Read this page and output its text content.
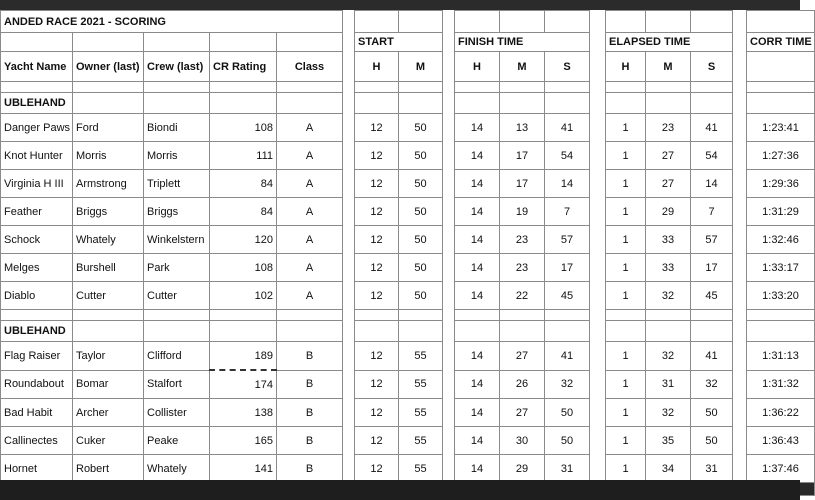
ANDED RACE 2021 - SCORING																	
						START			FINISH TIME				ELAPSED TIME				CORR TIME
Yacht Name	Owner (last)	Crew (last)	CR Rating	Class		H	M		H	M	S		H	M	S		

UBLEHAND																	
Danger Paws	Ford	Biondi	108	A		12	50		14	13	41		1	23	41		1:23:41
Knot Hunter	Morris	Morris	111	A		12	50		14	17	54		1	27	54		1:27:36
Virginia H III	Armstrong	Triplett	84	A		12	50		14	17	14		1	27	14		1:29:36
Feather	Briggs	Briggs	84	A		12	50		14	19	7		1	29	7		1:31:29
Schock	Whately	Winkelstern	120	A		12	50		14	23	57		1	33	57		1:32:46
Melges	Burshell	Park	108	A		12	50		14	23	17		1	33	17		1:33:17
Diablo	Cutter	Cutter	102	A		12	50		14	22	45		1	32	45		1:33:20

UBLEHAND																	
Flag Raiser	Taylor	Clifford	189	B		12	55		14	27	41		1	32	41		1:31:13
Roundabout	Bomar	Stalfort	174	B		12	55		14	26	32		1	31	32		1:31:32
Bad Habit	Archer	Collister	138	B		12	55		14	27	50		1	32	50		1:36:22
Callinectes	Cuker	Peake	165	B		12	55		14	30	50		1	35	50		1:36:43
Hornet	Robert	Whately	141	B		12	55		14	29	31		1	34	31		1:37:46
